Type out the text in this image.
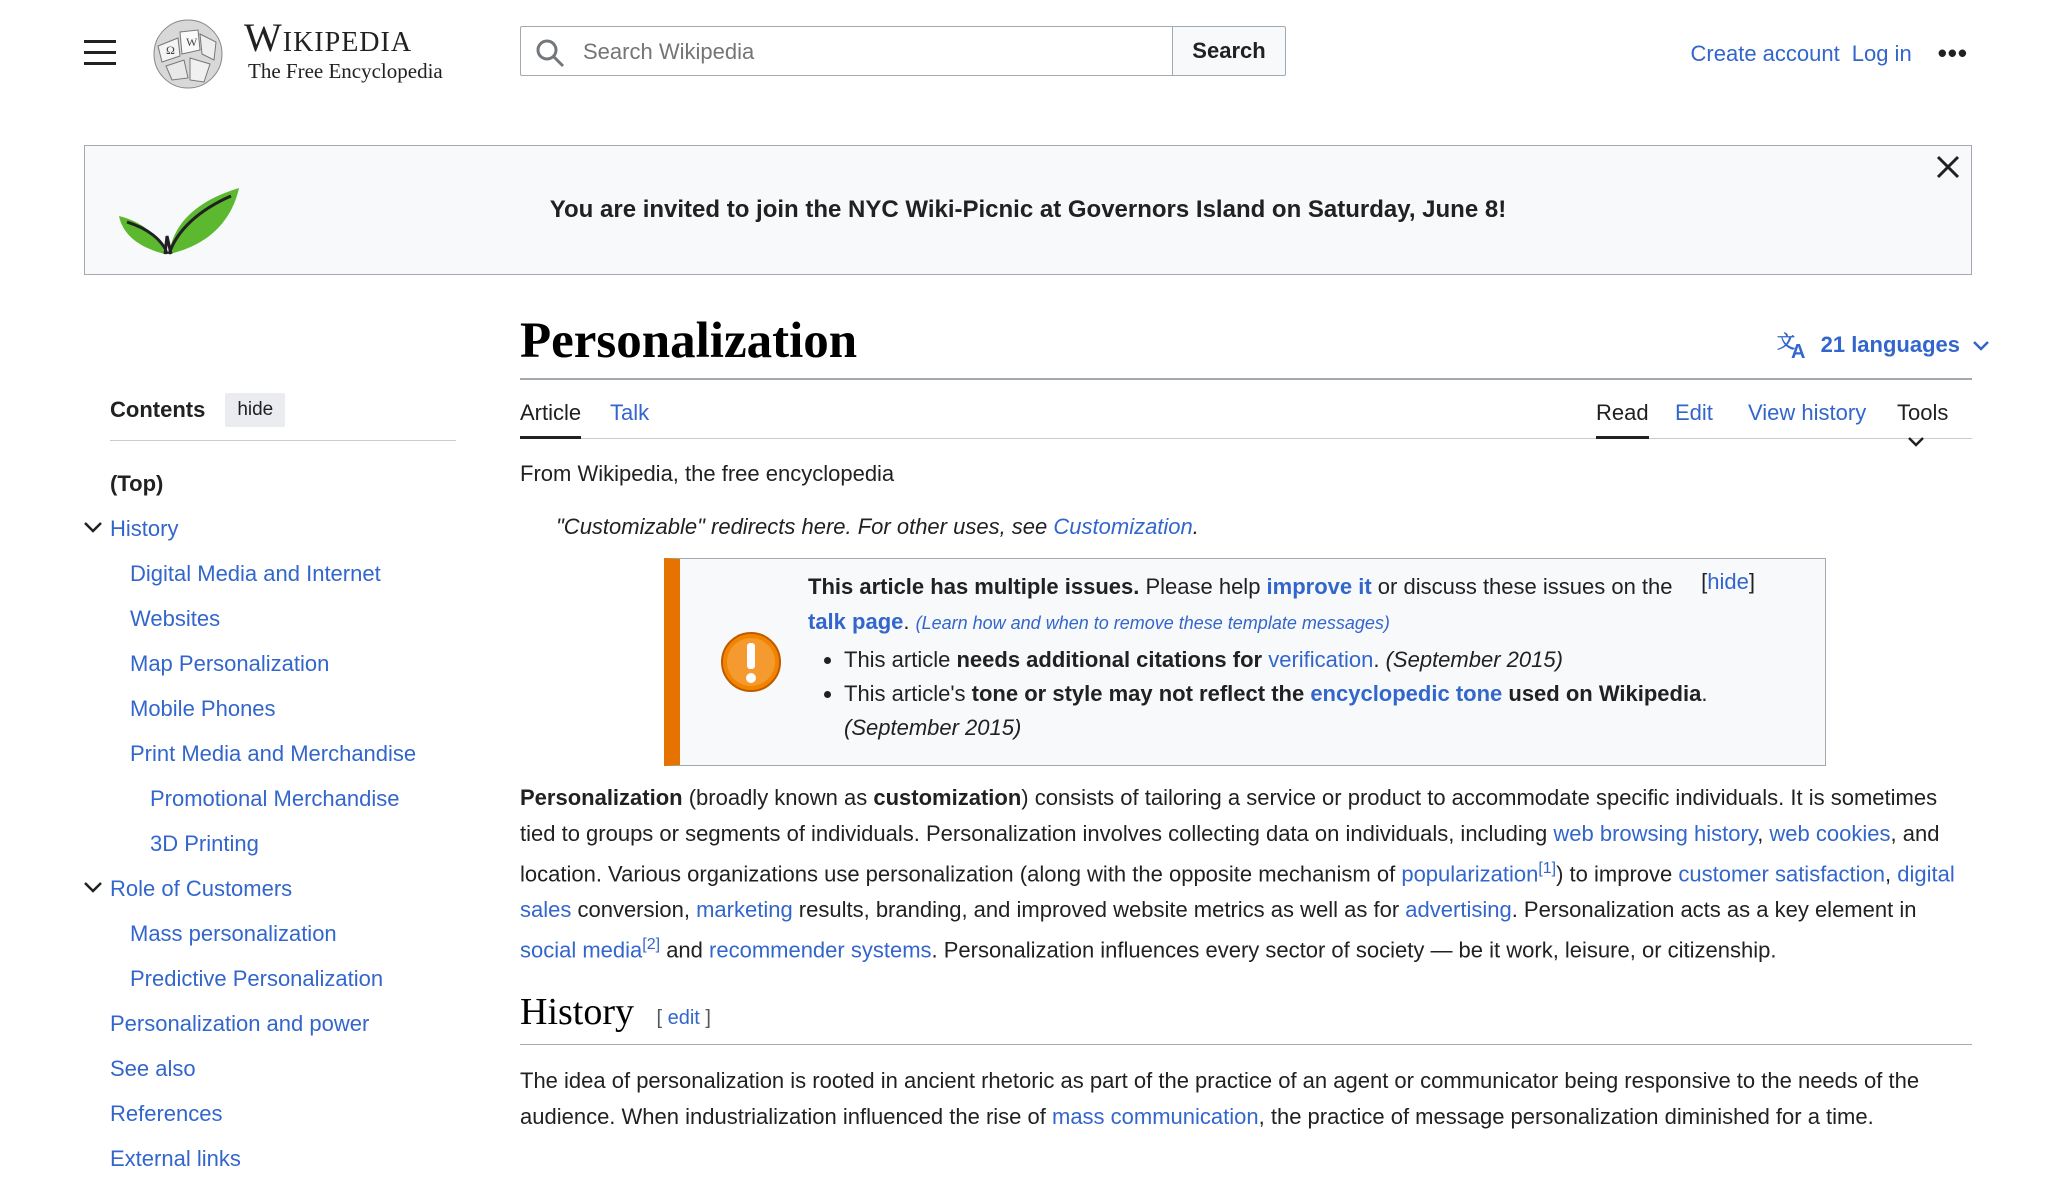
Ω
W Wikipedia
The Free Encyclopedia
Search Wikipedia
Search	Create account Log in •••
You are invited to join the NYC Wiki-Picnic at Governors Island on Saturday, June 8!
Contents	hide
(Top)
History
Digital Media and Internet
Websites
Map Personalization
Mobile Phones
Print Media and Merchandise
Promotional Merchandise
3D Printing
Role of Customers
Mass personalization
Predictive Personalization
Personalization and power
See also
References
External links
Personalization	文
A 21 languages
Article Talk	Read Edit View history Tools
From Wikipedia, the free encyclopedia
"Customizable" redirects here. For other uses, see Customization.
This article has multiple issues. Please help improve it or discuss these issues on the
talk page. (Learn how and when to remove these template messages)
• This article needs additional citations for verification. (September 2015)
• This article's tone or style may not reflect the encyclopedic tone used on Wikipedia.
(September 2015)
[hide]
Personalization (broadly known as customization) consists of tailoring a service or product to accommodate specific individuals. It is sometimes tied to groups or segments of individuals. Personalization involves collecting data on individuals, including web browsing history, web cookies, and location. Various organizations use personalization (along with the opposite mechanism of popularization[1]) to improve customer satisfaction, digital sales conversion, marketing results, branding, and improved website metrics as well as for advertising. Personalization acts as a key element in social media[2] and recommender systems. Personalization influences every sector of society — be it work, leisure, or citizenship.
History [ edit ]
The idea of personalization is rooted in ancient rhetoric as part of the practice of an agent or communicator being responsive to the needs of the audience. When industrialization influenced the rise of mass communication, the practice of message personalization diminished for a time.
